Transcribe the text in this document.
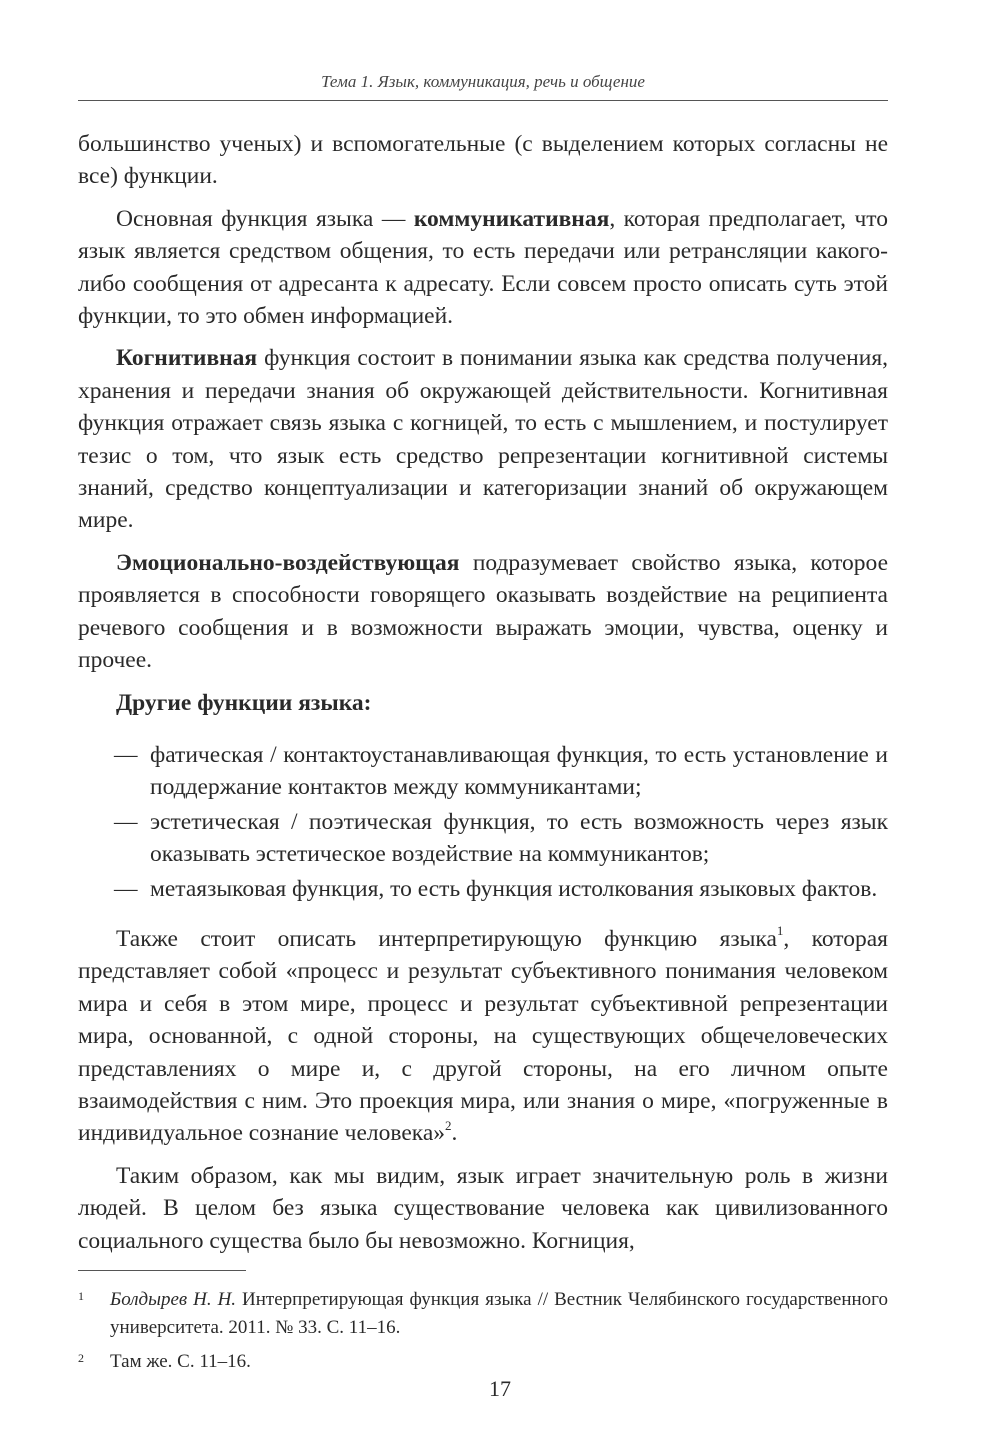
Тема 1. Язык, коммуникация, речь и общение

большинство ученых) и вспомогательные (с выделением которых согласны не все) функции.

Основная функция языка — коммуникативная, которая предполагает, что язык является средством общения, то есть передачи или ретрансляции какого-либо сообщения от адресанта к адресату. Если совсем просто описать суть этой функции, то это обмен информацией.

Когнитивная функция состоит в понимании языка как средства получения, хранения и передачи знания об окружающей действительности. Когнитивная функция отражает связь языка с когницей, то есть с мышлением, и постулирует тезис о том, что язык есть средство репрезентации когнитивной системы знаний, средство концептуализации и категоризации знаний об окружающем мире.

Эмоционально-воздействующая подразумевает свойство языка, которое проявляется в способности говорящего оказывать воздействие на реципиента речевого сообщения и в возможности выражать эмоции, чувства, оценку и прочее.

Другие функции языка:

— фатическая / контактоустанавливающая функция, то есть установление и поддержание контактов между коммуникантами;
— эстетическая / поэтическая функция, то есть возможность через язык оказывать эстетическое воздействие на коммуникантов;
— метаязыковая функция, то есть функция истолкования языковых фактов.

Также стоит описать интерпретирующую функцию языка$^1$, которая представляет собой «процесс и результат субъективного понимания человеком мира и себя в этом мире, процесс и результат субъективной репрезентации мира, основанной, с одной стороны, на существующих общечеловеческих представлениях о мире и, с другой стороны, на его личном опыте взаимодействия с ним. Это проекция мира, или знания о мире, «погруженные в индивидуальное сознание человека»$^2$.

Таким образом, как мы видим, язык играет значительную роль в жизни людей. В целом без языка существование человека как цивилизованного социального существа было бы невозможно. Когниция,

1 Болдырев Н. Н. Интерпретирующая функция языка // Вестник Челябинского государственного университета. 2011. № 33. С. 11–16.
2 Там же. С. 11–16.
17
